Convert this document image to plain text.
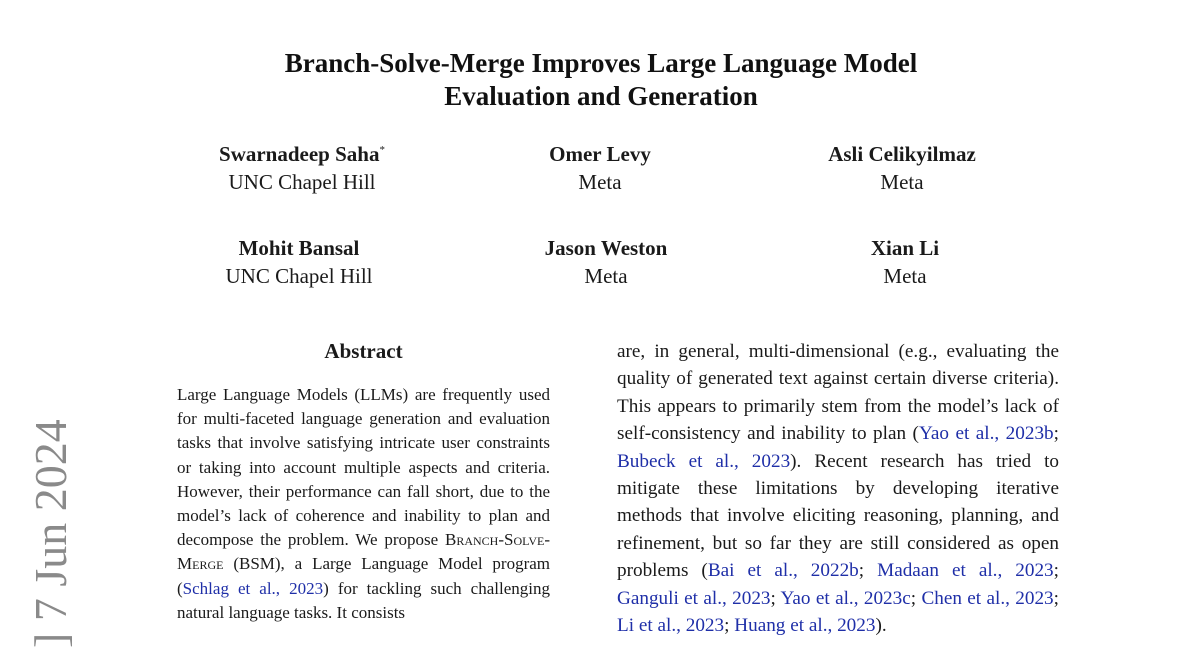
Branch-Solve-Merge Improves Large Language Model
Evaluation and Generation
Swarnadeep Saha*
UNC Chapel Hill
Omer Levy
Meta
Asli Celikyilmaz
Meta
Mohit Bansal
UNC Chapel Hill
Jason Weston
Meta
Xian Li
Meta
Abstract

Large Language Models (LLMs) are frequently used for multi-faceted language generation and evaluation tasks that involve satisfying intricate user constraints or taking into account multiple aspects and criteria. However, their performance can fall short, due to the model’s lack of coherence and inability to plan and decompose the problem. We propose Branch-Solve-Merge (BSM), a Large Language Model program (Schlag et al., 2023) for tackling such challenging natural language tasks. It consists

are, in general, multi-dimensional (e.g., evaluating the quality of generated text against certain diverse criteria). This appears to primarily stem from the model’s lack of self-consistency and inability to plan (Yao et al., 2023b; Bubeck et al., 2023). Recent research has tried to mitigate these limitations by developing iterative methods that involve eliciting reasoning, planning, and refinement, but so far they are still considered as open problems (Bai et al., 2022b; Madaan et al., 2023; Ganguli et al., 2023; Yao et al., 2023c; Chen et al., 2023; Li et al., 2023; Huang et al., 2023).

] 7 Jun 2024
